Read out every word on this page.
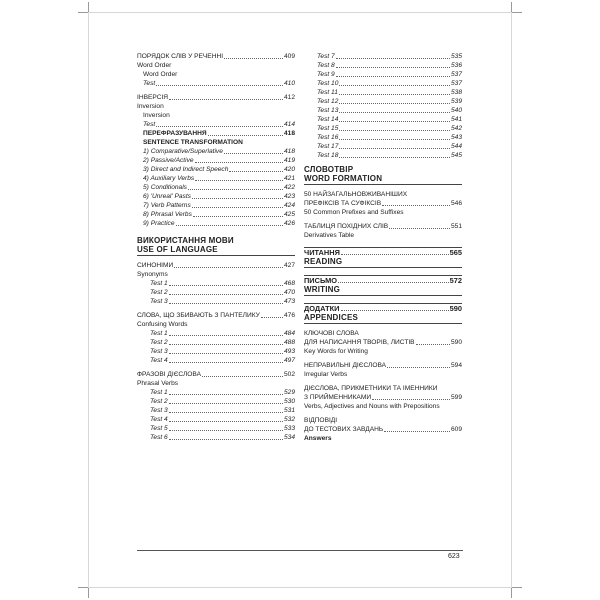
ПОРЯДОК СЛІВ У РЕЧЕННІ	409
Word Order
Word Order
Test	410
ІНВЕРСІЯ	412
Inversion
Inversion
Test	414
ПЕРЕФРАЗУВАННЯ	418
SENTENCE TRANSFORMATION
1) Comparative/Superlative	418
2) Passive/Active	419
3) Direct and Indirect Speech	420
4) Auxiliary Verbs	421
5) Conditionals	422
6) 'Unreal' Pasts	423
7) Verb Patterns	424
8) Phrasal Verbs	425
9) Practice	426
ВИКОРИСТАННЯ МОВИ
USE OF LANGUAGE
СИНОНІМИ	427
Synonyms
Test 1	468
Test 2	470
Test 3	473
СЛОВА, ЩО ЗБИВАЮТЬ З ПАНТЕЛИКУ	476
Confusing Words
Test 1	484
Test 2	488
Test 3	493
Test 4	497
ФРАЗОВІ ДІЄСЛОВА	502
Phrasal Verbs
Test 1	529
Test 2	530
Test 3	531
Test 4	532
Test 5	533
Test 6	534
Test 7	535
Test 8	536
Test 9	537
Test 10	537
Test 11	538
Test 12	539
Test 13	540
Test 14	541
Test 15	542
Test 16	543
Test 17	544
Test 18	545
СЛОВОТВІР
WORD FORMATION
50 НАЙЗАГАЛЬНОВЖИВАНІШИХ
ПРЕФІКСІВ ТА СУФІКСІВ	546
50 Common Prefixes and Suffixes
ТАБЛИЦЯ ПОХІДНИХ СЛІВ	551
Derivatives Table
ЧИТАННЯ	565
READING
ПИСЬМО	572
WRITING
ДОДАТКИ	590
APPENDICES
КЛЮЧОВІ СЛОВА
ДЛЯ НАПИСАННЯ ТВОРІВ, ЛИСТІВ	590
Key Words for Writing
НЕПРАВИЛЬНІ ДІЄСЛОВА	594
Irregular Verbs
ДІЄСЛОВА, ПРИКМЕТНИКИ ТА ІМЕННИКИ
З ПРИЙМЕННИКАМИ	599
Verbs, Adjectives and Nouns with Prepositions
ВІДПОВІДІ
ДО ТЕСТОВИХ ЗАВДАНЬ	609
Answers
623
